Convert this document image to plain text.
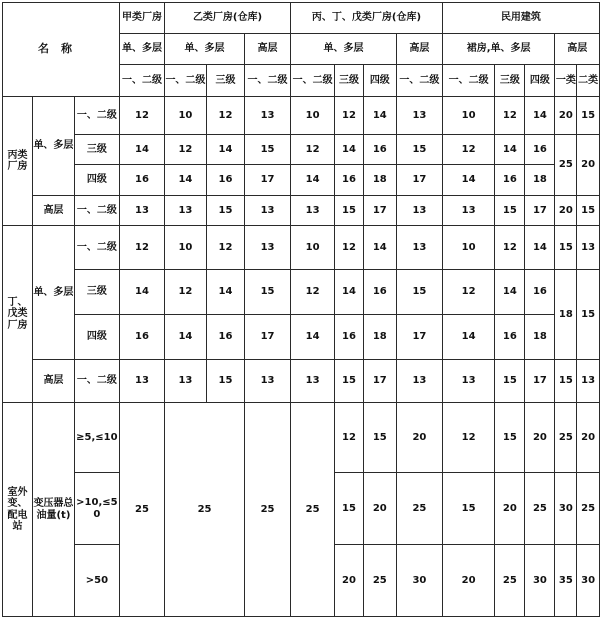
名称			甲类厂房	乙类厂房(仓库)			丙、丁、戊类厂房(仓库)				民用建筑				
			单、多层	单、多层		高层	单、多层			高层	裙房,单、多层			高层	
			一、二级	一、二级	三级	一、二级	一、二级	三级	四级	一、二级	一、二级	三级	四级	一类	二类
丙类厂房	单、多层	一、二级	12	10	12	13	10	12	14	13	10	12	14	20	15
		三级	14	12	14	15	12	14	16	15	12	14	16	25	20
		四级	16	14	16	17	14	16	18	17	14	16	18		
	高层	一、二级	13	13	15	13	13	15	17	13	13	15	17	20	15
丁、戊类厂房	单、多层	一、二级	12	10	12	13	10	12	14	13	10	12	14	15	13
		三级	14	12	14	15	12	14	16	15	12	14	16	18	15
		四级	16	14	16	17	14	16	18	17	14	16	18		
	高层	一、二级	13	13	15	13	13	15	17	13	13	15	17	15	13
室外变、配电站	变压器总油量(t)	≥5,≤10	25	25		25	25	12	15	20	12	15	20	25	20
		>10,≤50						15	20	25	15	20	25	30	25
		>50						20	25	30	20	25	30	35	30
